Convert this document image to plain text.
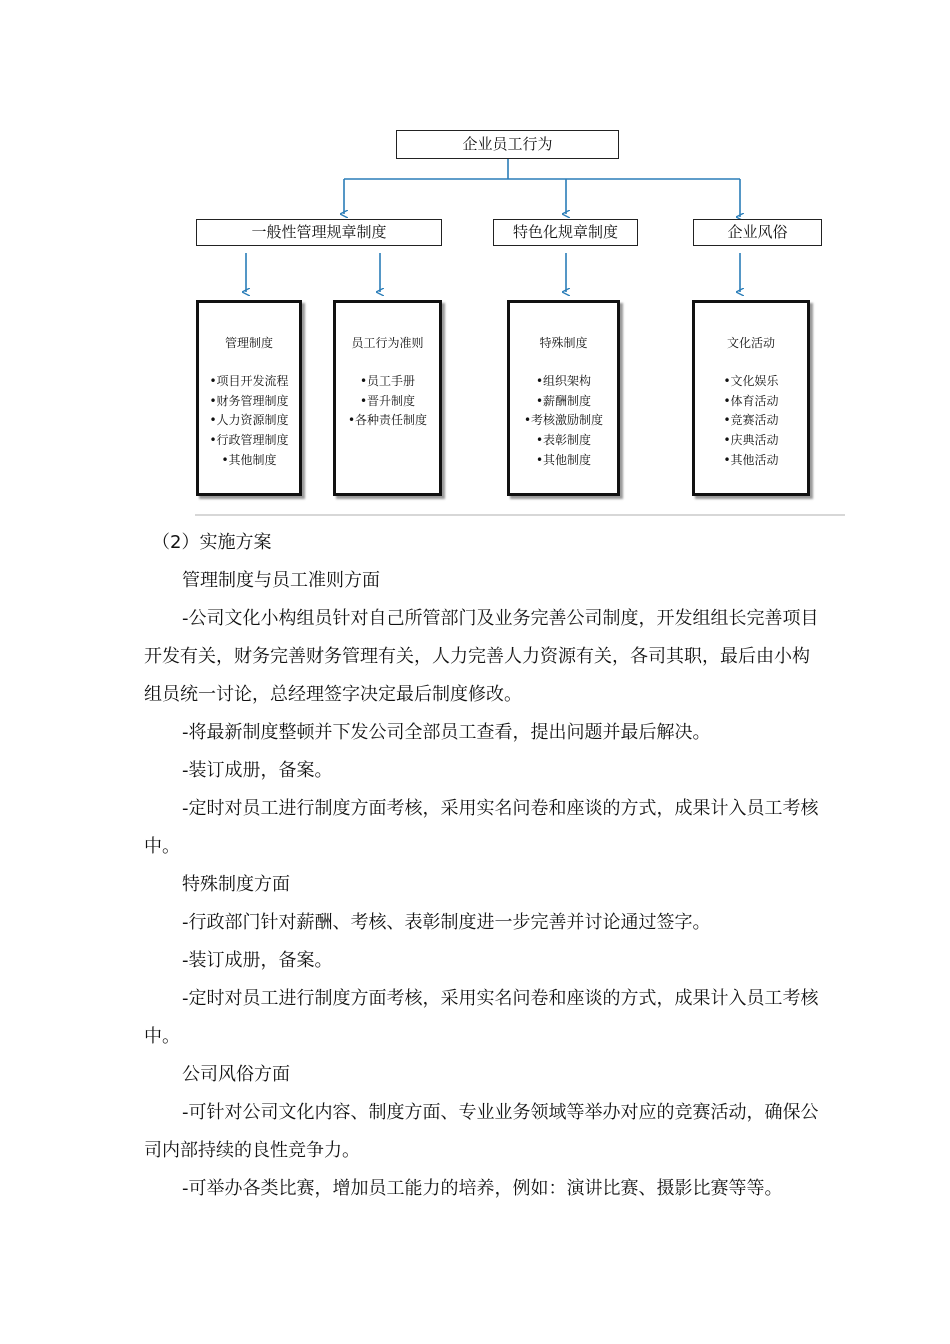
企业员工行为
一般性管理规章制度	特色化规章制度	企业风俗
管理制度
• 项目开发流程
• 财务管理制度
• 人力资源制度
• 行政管理制度
• 其他制度
员工行为准则
• 员工手册
• 晋升制度
• 各种责任制度
特殊制度
• 组织架构
• 薪酬制度
• 考核激励制度
• 表彰制度
• 其他制度
文化活动
• 文化娱乐
• 体育活动
• 竞赛活动
• 庆典活动
• 其他活动

（2）实施方案

管理制度与员工准则方面

-公司文化小构组员针对自己所管部门及业务完善公司制度，开发组组长完善项目开发有关，财务完善财务管理有关，人力完善人力资源有关，各司其职，最后由小构组员统一讨论，总经理签字决定最后制度修改。

-将最新制度整顿并下发公司全部员工查看，提出问题并最后解决。

-装订成册，备案。

-定时对员工进行制度方面考核，采用实名问卷和座谈的方式，成果计入员工考核中。

特殊制度方面

-行政部门针对薪酬、考核、表彰制度进一步完善并讨论通过签字。

-装订成册，备案。

-定时对员工进行制度方面考核，采用实名问卷和座谈的方式，成果计入员工考核中。

公司风俗方面

-可针对公司文化内容、制度方面、专业业务领域等举办对应的竞赛活动，确保公司内部持续的良性竞争力。

-可举办各类比赛，增加员工能力的培养，例如：演讲比赛、摄影比赛等等。
